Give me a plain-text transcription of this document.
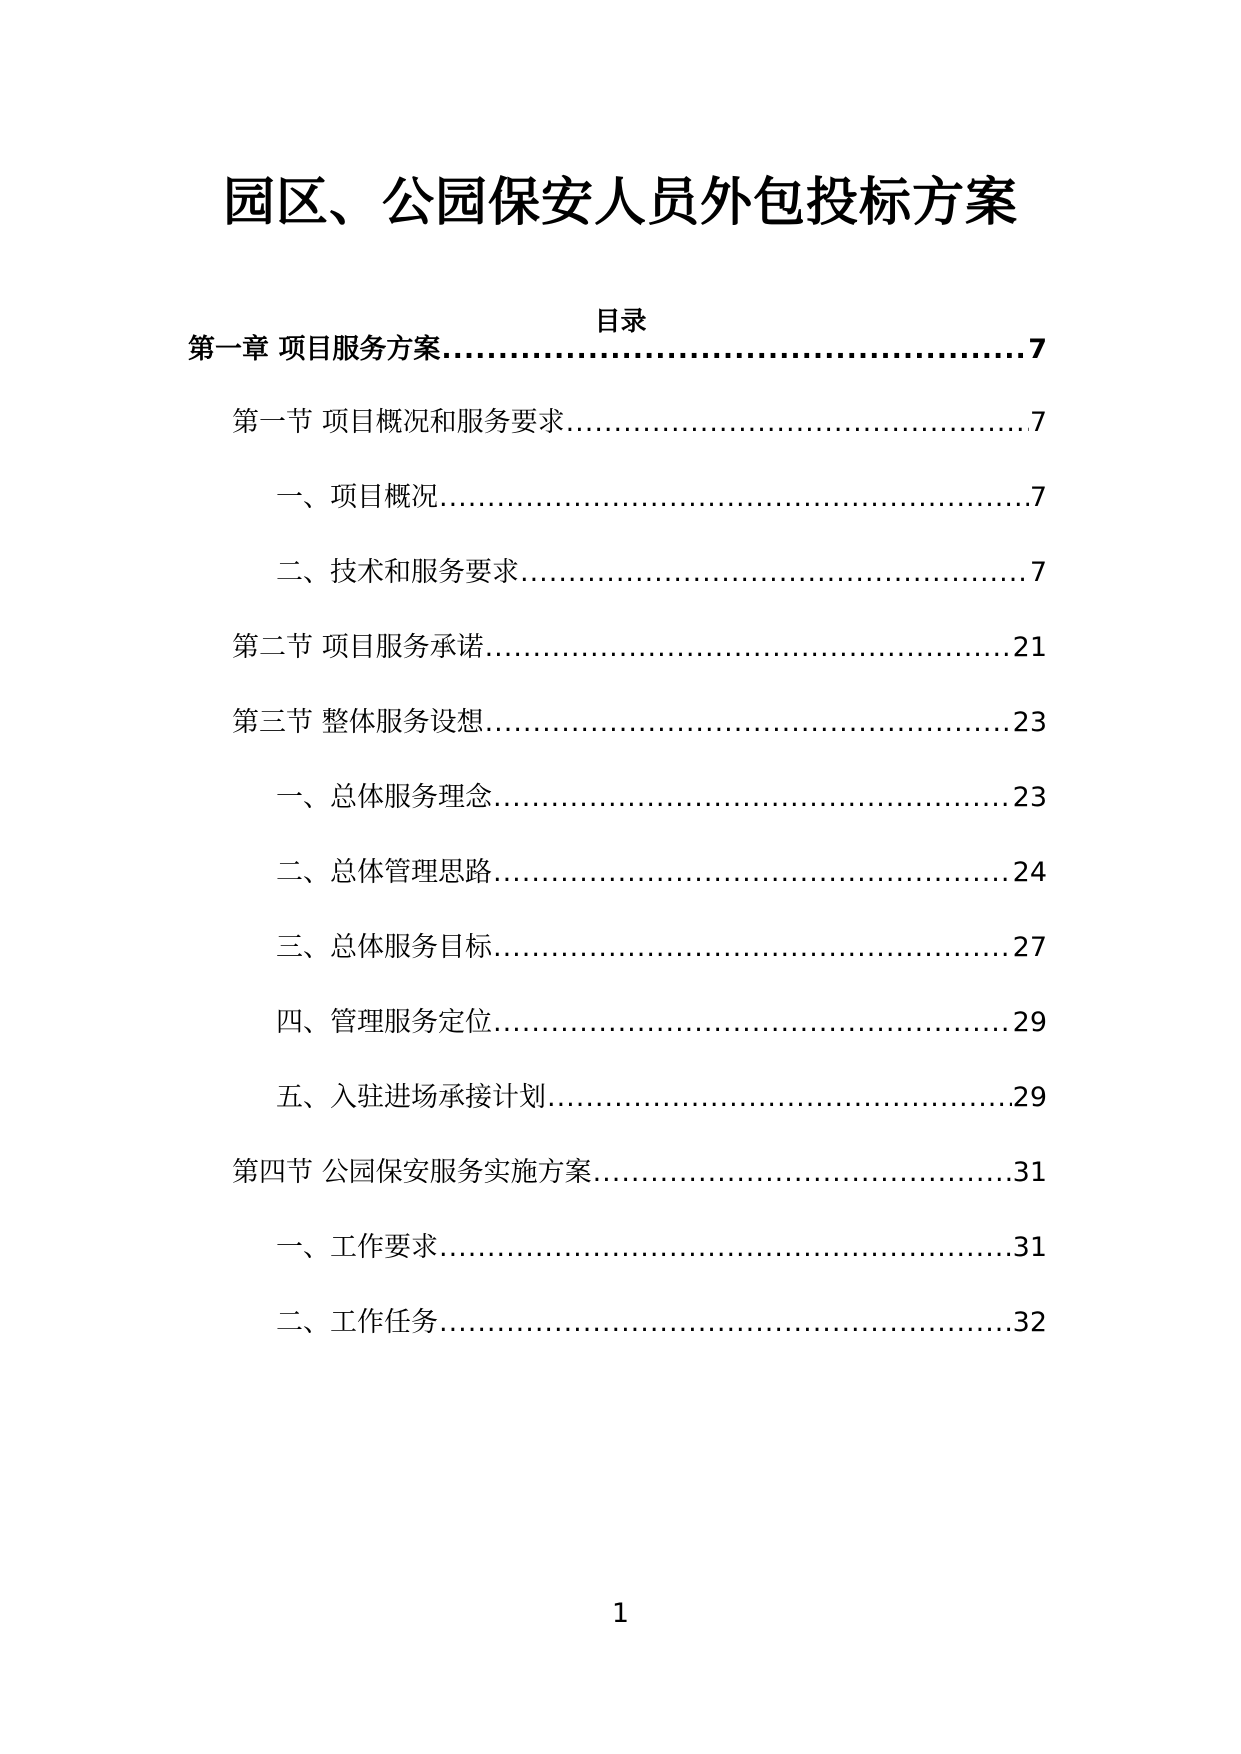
园区、公园保安人员外包投标方案
目录
第一章 项目服务方案 .....	7
第一节 项目概况和服务要求 .....	7
一、项目概况 .....	7
二、技术和服务要求 .....	7
第二节 项目服务承诺 .....	21
第三节 整体服务设想 .....	23
一、总体服务理念 .....	23
二、总体管理思路 .....	24
三、总体服务目标 .....	27
四、管理服务定位 .....	29
五、入驻进场承接计划 .....	29
第四节 公园保安服务实施方案 .....	31
一、工作要求 .....	31
二、工作任务 .....	32
1
